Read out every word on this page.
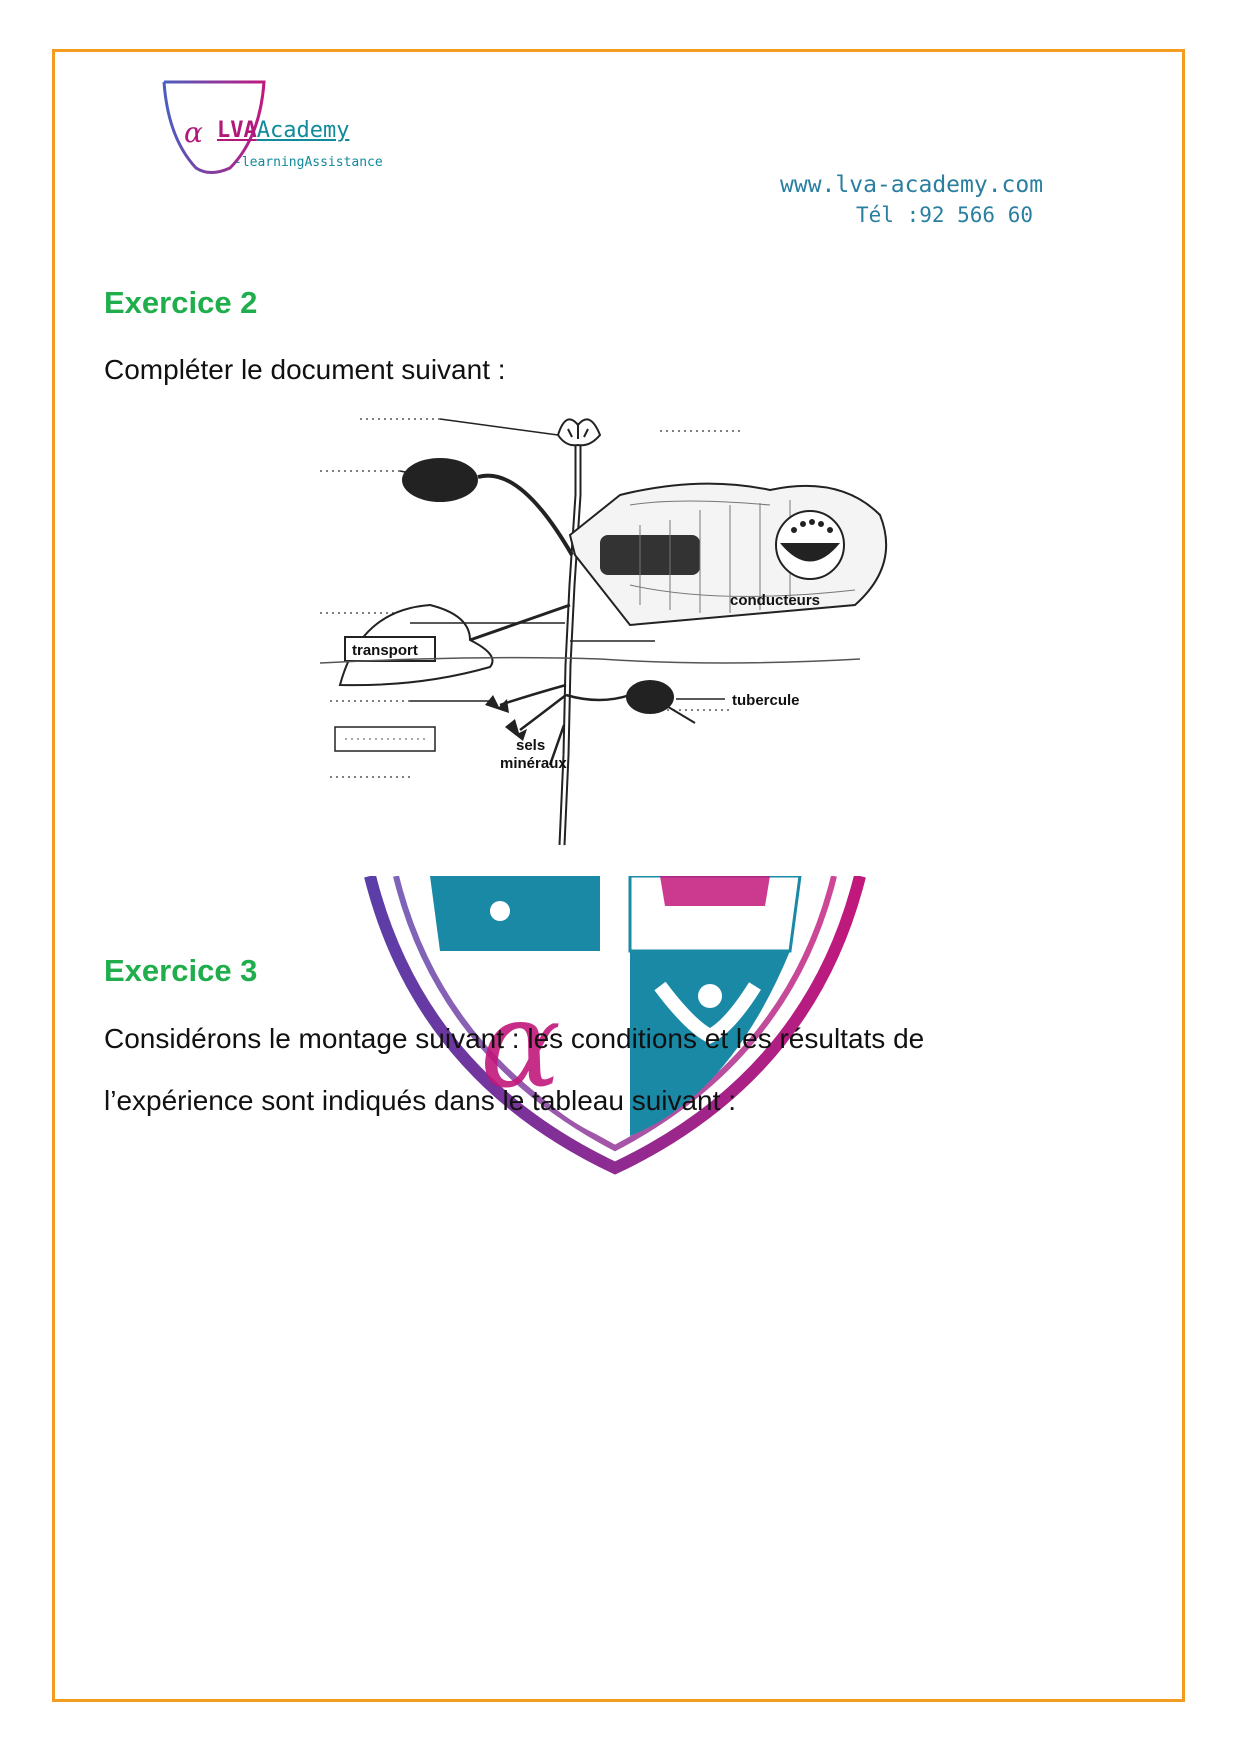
α LVAAcademy
-learningAssistance
www.lva-academy.com
Tél :92 566 60
Exercice 2
Compléter le document suivant :
conducteurs
transport
tubercule
sels
minéraux
α
Exercice 3
Considérons le montage suivant : les conditions et les résultats de
l’expérience sont indiqués dans le tableau suivant :
